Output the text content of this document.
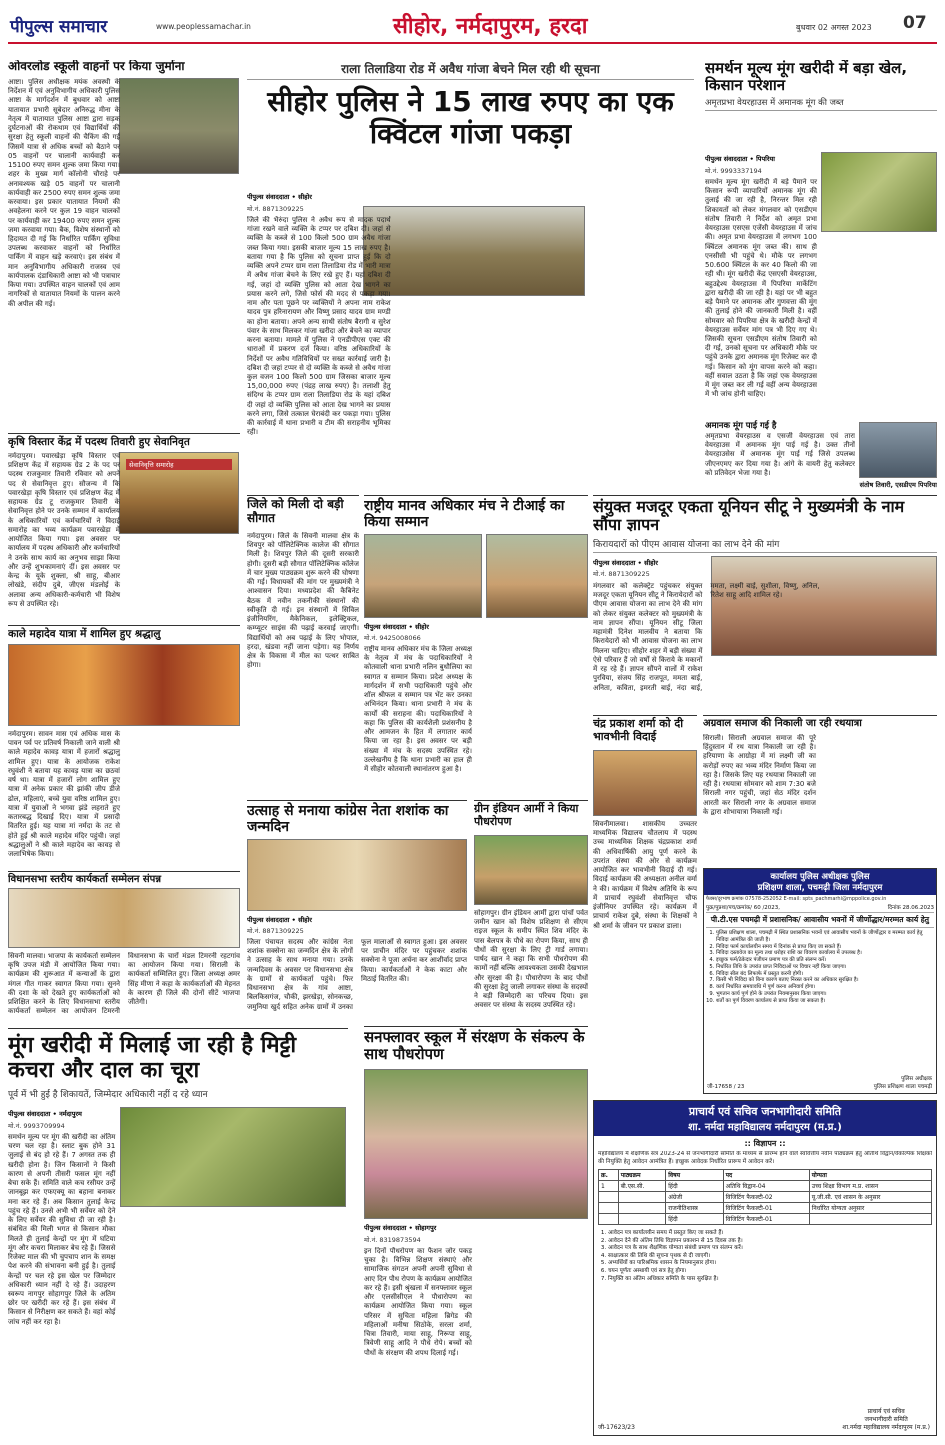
पीपुल्स समाचार	www.peoplessamachar.in	सीहोर, नर्मदापुरम, हरदा	बुधवार 02 अगस्त 2023 07
ओवरलोड स्कूली वाहनों पर किया जुर्माना
आष्टा। पुलिस अधीक्षक मयंक अवस्थी के निर्देशन में एवं अनुविभागीय अधिकारी पुलिस आष्टा के मार्गदर्शन में बुधवार को आष्टा यातायात प्रभारी सूबेदार अनिरुद्ध मीना के नेतृत्व में यातायात पुलिस आष्टा द्वारा सड़क दुर्घटनाओं की रोकथाम एवं विद्यार्थियों की सुरक्षा हेतु स्कूली वाहनों की चैकिंग की गई जिसमें यात्रा से अधिक बच्चों को बैठाने पर 05 वाहनों पर चालानी कार्यवाही कर 15100 रुपए समन शुल्क जमा किया गया। शहर के मुख्य मार्ग कॉलोनी चौराहे पर अनावश्यक खड़े 05 वाहनों पर चालानी कार्यवाही कर 2500 रुपए समन शुल्क जमा करवाया। इस प्रकार यातायात नियमों की अवहेलना करने पर कुल 19 वाहन चालकों पर कार्यवाही कर 19400 रुपए समन शुल्क जमा करवाया गया। बैक, विशेष संस्थानों को हिदायत दी गई कि निर्धारित पार्किंग सुविधा उपलब्ध करवाकर वाहनों को निर्धारित पार्किंग में वाहन खड़े करवाएं। इस संबंध में मान अनुविभागीय अधिकारी राजस्व एवं कार्यपालक दंडाधिकारी आष्टा को भी पत्राचार किया गया। उपस्थित वाहन चालकों एवं आम नागरिकों से यातायात नियमों के पालन करने की अपील की गई।
कृषि विस्तार केंद्र में पदस्थ तिवारी हुए सेवानिवृत
सेवानिवृत्ति समारोह
नर्मदापुरम। पवारखेड़ा कृषि विस्तार एवं प्रशिक्षण केंद्र में सहायक ग्रेड 2 के पद पर पदस्थ राजकुमार तिवारी रविवार को अपने पद से सेवानिवृत्त हुए। सौजन्य में कि पवारखेड़ा कृषि विस्तार एवं प्रशिक्षण केंद्र में सहायक ग्रेड टू राजकुमार तिवारी के सेवानिवृत्त होने पर उनके सम्मान में कार्यालय के अधिकारियों एवं कर्मचारियों ने विदाई समारोह का भव्य कार्यक्रम पवारखेड़ा में आयोजित किया गया। इस अवसर पर कार्यालय में पदस्थ अधिकारी और कर्मचारियों ने उनके साथ कार्य का अनुभव साझा किया और उन्हें शुभकामनाएं दीं। इस अवसर पर केन्द्र के यूके शुक्ला, श्री साहू, बीआर लोखंडे, संदीप दुबे, जीएस मंडलोई के अलावा अन्य अधिकारी-कर्मचारी भी विशेष रूप से उपस्थित रहे।
काले महादेव यात्रा में शामिल हुए श्रद्धालु
नर्मदापुरम। सावन मास एवं अधिक मास के पावन पर्व पर प्रतिवर्ष निकाली जाने वाली श्री काले महादेव कावड़ यात्रा में हजारों श्रद्धालु शामिल हुए। यात्रा के आयोजक राकेश रघुवंशी ने बताया यह कावड़ यात्रा का छठवां वर्ष था। यात्रा में हजारों लोग शामिल हुए यात्रा में अनेक प्रकार की झांकी जीप डीजे ढोल, महिलाएं, बच्चे युवा वरिष्ठ शामिल हुए। यात्रा में युवाओं ने भगवा झंडे लहराते हुए कतारबद्ध दिखाई दिए। यात्रा में प्रसादी वितरित हुई। यह यात्रा मां नर्मदा के तट से होते हुई श्री काले महादेव मंदिर पहुंची। जहां श्रद्धालुओं ने श्री काले महादेव का कावड़ से जलाभिषेक किया।
विधानसभा स्तरीय कार्यकर्ता सम्मेलन संपन्न
सिवनी मालवा। भाजपा के कार्यकर्ता सम्मेलन कृषि उपज मंडी में आयोजित किया गया। कार्यक्रम की शुरूआत में कन्याओं के द्वारा मंगल गीत गाकर स्वागत किया गया। सुनने की दशा के को देखते हुए कार्यकर्ताओं को प्रशिक्षित करने के लिए विधानसभा स्तरीय कार्यकर्ता सम्मेलन का आयोजन टिमरनी विधानसभा के चारों मंडल टिमरनी रहटगांव का आयोजन किया गया। सिराली के कार्यकर्ता सम्मिलित हुए। जिला अध्यक्ष अमर सिंह मीणा ने कहा के कार्यकर्ताओं की मेहनत के कारण ही जिले की दोनों सीटें भाजपा जीतेगी।
मूंग खरीदी में मिलाई जा रही है मिट्टी कचरा और दाल का चूरा
पूर्व में भी हुई है शिकायतें, जिम्मेदार अधिकारी नहीं द रहे ध्यान
पीपुल्स संवाददाता • नर्मदापुरम
मो.नं. 9993709994
समर्थन मूल्य पर मूंग की खरीदी का अंतिम चरण चल रहा है। स्लाट बुक होने 31 जुलाई से बंद हो रहे हैं। 7 अगस्त तक ही खरीदी होना है। जिन किसानों ने किसी कारण से अपनी तीसरी फसल मूंग नहीं बेचा सके हैं। समिति वाले कच रसीयर उन्हें जानबूझ कर एफएक्यू का बहाना बनाकर मना कर रहे हैं। अब किसान तुलाई केन्द्र पहुंच रहे हैं। उनसे अभी भी सर्वेयर को देने के लिए सर्वेयर की सुविधा दी जा रही है। संबंधित की मिली भगत से किसान मौका मिलते ही तुलाई केन्द्रों पर मूंग में घटिया मूंग और कचरा मिलाकर बेच रहे हैं। जिससे रिजेक्ट माल की भी चुपचाप शान के समक्ष पेश करने की संभावना बनी हुई है। तुलाई केन्द्रों पर चल रहे इस खेल पर जिम्मेदार अधिकारी ध्यान नहीं दे रहे हैं। उदाहरण स्वरूप नागपुर सोहागपुर जिले के अतिम छोर पर खरीदी कर रहे हैं। इस संबंध में किसान से निरीक्षण कर सकते हैं। वहां कोई जांच नहीं कर रहा है।
राला तिलाडिया रोड में अवैध गांजा बेचने मिल रही थी सूचना
सीहोर पुलिस ने 15 लाख रुपए का एक क्विंटल गांजा पकड़ा
पीपुल्स संवाददाता • सीहोर
मो.नं. 8871309225
जिले की भैरुंदा पुलिस ने अवैध रूप से मादक पदार्थ गांजा रखने वाले व्यक्ति के टप्पर पर दबिश दी। जहां से व्यक्ति के कब्जे से 100 किलो 500 ग्राम अवैध गांजा जब्त किया गया। इसकी बाजार मूल्य 15 लाख रुपए है। बताया गया है कि पुलिस को सूचना प्राप्त हुई कि दो व्यक्ति अपने टप्पर ग्राम राला तिलाडिया रोड में भारी मात्रा में अवैध गांजा बेचने के लिए रखे हुए हैं। यहां दबिश दी गई, जहां दो व्यक्ति पुलिस को आता देख भागने का प्रयास करने लगे, जिसे फोर्स की मदद से पकड़ा गया। नाम और पता पूछने पर व्यक्तियों ने अपना नाम राकेश यादव पुत्र हरिनारायण और विष्णु प्रसाद यादव ग्राम मण्डी का होना बताया। अपने अन्य साथी संतोष बैरागी व सुरेश पंवार के साथ मिलकर गांजा खरीदा और बेचने का व्यापार करना बताया। मामले में पुलिस ने एनडीपीएस एक्ट की धाराओं में प्रकरण दर्ज किया। वरिष्ठ अधिकारियों के निर्देशों पर अवैध गतिविधियों पर सख्त कार्रवाई जारी है। दबिश दी जहां टप्पर से दो व्यक्ति के कब्जे से अवैध गांजा कुल वजन 100 किलो 500 ग्राम जिसका बाजार मूल्य 15,00,000 रुपए (पंद्रह लाख रुपए) है। तलाशी हेतु संदिग्ध के टप्पर ग्राम राला तिलाडिया रोड के यहां दबिश दी जहां दो व्यक्ति पुलिस को आता देख भागने का प्रयास करने लगा, जिसे तत्काल घेराबंदी कर पकड़ा गया। पुलिस की कार्रवाई में थाना प्रभारी व टीम की सराहनीय भूमिका रही।
समर्थन मूल्य मूंग खरीदी में बड़ा खेल, किसान परेशान
अमृतप्रभा वेयरहाउस में अमानक मूंग की जब्त
पीपुल्स संवाददाता • पिपरिया
मो.नं. 9993337194
समर्थन मूल्य मूंग खरीदी में बड़े पैमाने पर किसान रूपी व्यापारियों अमानक मूंग की तुलाई की जा रही है, निरन्तर मिल रही शिकायतों को लेकर मंगलवार को एसडीएम संतोष तिवारी ने निर्देश को अमृत प्रभा वेयरहाउस एसएस एजेंसी वेयरहाउस में जांच की। अमृत प्रभा वेयरहाउस में लगभग 100 क्विंटल अमानक मूंग जब्त की। साथ ही एनसीसी भी पहुंचे थे। मौके पर लगभग 50.600 क्विंटल के कर 40 किलो की जा रही थी। मूंग खरीदी केंद्र एसएसी वेयरहाउस, बहुउद्देश्य वेयरहाउस में पिपरिया मार्केटिंग द्वारा खरीदी की जा रही है। यहां पर भी बहुत बड़े पैमाने पर अमानक और गुणवत्ता की मूंग की तुलाई होने की जानकारी मिली है। वहीं सोमवार को पिपरिया क्षेत्र के खरीदी केन्द्रों में वेयरहाउस सर्वेयर मांग पत्र भी दिए गए थे। जिसकी सूचना एसडीएम संतोष तिवारी को दी गई, उनको सूचना पर अधिकारी मौके पर पहुंचे उनके द्वारा अमानक मूंग रिजेक्ट कर दी गई। किसान को मूंग वापस करने को कहा। वहीं सवाल उठता है कि जहां एक वेयरहाउस में मूंग जब्त कर ली गई वहीं अन्य वेयरहाउस में भी जांच होनी चाहिए।
अमानक मूंग पाई गई है
अमृतप्रभा वेयरहाउस व एसजी वेयरहाउस एवं तारा वेयरहाउस में अमानक मूंग पाई गई है। उक्त तीनों वेयरहाउसेस में अमानक मूंग पाई गई जिसे उपलब्ध जीएनएमए कर दिया गया है। आंगे के वायरी हेतु कलेक्टर को प्रतिवेदन भेजा गया है।
संतोष तिवारी, एसडीएम पिपरिया
जिले को मिली दो बड़ी सौगात
नर्मदापुरम। जिले के सिवनी मालवा क्षेत्र के शिवपुर को पॉलिटेक्निक कालेज की सौगात मिली है। शिवपुर जिले की दूसरी सरकारी होगी। दूसरी बड़ी सौगात पॉलिटेक्निक कॉलेज में चार मुख्य पाठ्यक्रम शुरू करने की घोषणा की गई। विधायकों की मांग पर मुख्यमंत्री ने आश्वासन दिया। मध्यप्रदेश की कैबिनेट बैठक में नवीन तकनीकी संस्थानों की स्वीकृति दी गई। इन संस्थानों में सिविल इंजीनियरिंग, मैकेनिकल, इलेक्ट्रिकल, कम्प्यूटर साइंस की पढ़ाई करवाई जाएगी। विद्यार्थियों को अब पढ़ाई के लिए भोपाल, हरदा, खंडवा नहीं जाना पड़ेगा। यह निर्णय क्षेत्र के विकास में मील का पत्थर साबित होगा।
राष्ट्रीय मानव अधिकार मंच ने टीआई का किया सम्मान
पीपुल्स संवाददाता • सीहोर
मो.नं. 9425008066
राष्ट्रीय मानव अधिकार मंच के जिला अध्यक्ष के नेतृत्व में मंच के पदाधिकारियों ने कोतवाली थाना प्रभारी नलिन बुधौलिया का स्वागत व सम्मान किया। प्रदेश अध्यक्ष के मार्गदर्शन में सभी पदाधिकारी पहुंचे और शॉल श्रीफल व सम्मान पत्र भेंट कर उनका अभिनंदन किया। थाना प्रभारी ने मंच के कार्यों की सराहना की। पदाधिकारियों ने कहा कि पुलिस की कार्यशैली प्रशंसनीय है और आमजन के हित में लगातार कार्य किया जा रहा है। इस अवसर पर बड़ी संख्या में मंच के सदस्य उपस्थित रहे। उल्लेखनीय है कि थाना प्रभारी का हाल ही में सीहोर कोतवाली स्थानांतरण हुआ है।
संयुक्त मजदूर एकता यूनियन सीटू ने मुख्यमंत्री के नाम सौंपा ज्ञापन
किरायदारों को पीएम आवास योजना का लाभ देने की मांग
पीपुल्स संवाददाता • सीहोर
मो.नं. 8871309225
मंगलवार को कलेक्ट्रेट पहुंचकर संयुक्त मजदूर एकता यूनियन सीटू ने किरायेदारों को पीएम आवास योजना का लाभ देने की मांग को लेकर संयुक्त कलेक्टर को मुख्यमंत्री के नाम ज्ञापन सौंपा। यूनियन सीटू जिला महामंत्री दिनेश मालवीय ने बताया कि किरायेदारों को भी आवास योजना का लाभ मिलना चाहिए। सीहोर शहर में बड़ी संख्या में ऐसे परिवार हैं जो वर्षों से किराये के मकानों में रह रहे हैं। ज्ञापन सौंपने वालों में राकेश पुरविया, संजय सिंह राजपूत, ममता बाई, अनिता, कविता, इमरती बाई, नंदा बाई, ममता, लक्ष्मी बाई, सुशीला, विष्णु, अनिल, रितेश साहू आदि शामिल रहे।
उत्साह से मनाया कांग्रेस नेता शशांक का जन्मदिन
पीपुल्स संवाददाता • सीहोर
मो.नं. 8871309225
जिला पंचायत सदस्य और कांग्रेस नेता शशांक सक्सेना का जन्मदिन क्षेत्र के लोगों ने उत्साह के साथ मनाया गया। उनके जन्मदिवस के अवसर पर विधानसभा क्षेत्र के ग्रामों से कार्यकर्ता पहुंचे। फिर विधानसभा क्षेत्र के गांव आष्टा, बिलकिसगंज, चौकी, झरखेड़ा, सोनकच्छ, जमुनिया खुर्द सहित अनेक ग्रामों में उनका फूल मालाओं से स्वागत हुआ। इस अवसर पर प्राचीन मंदिर पर पहुंचकर शशांक सक्सेना ने पूजा अर्चना कर आशीर्वाद प्राप्त किया। कार्यकर्ताओं ने केक काटा और मिठाई वितरित की।
ग्रीन इंडियन आर्मी ने किया पौधरोपण
सोहागपुर। ग्रीन इंडियन आर्मी द्वारा पांचों पर्वत जमीन खान को विशेष प्रशिक्षण से सीएम राइज स्कूल के समीप स्थित शिव मंदिर के पास बेलपत्र के पौधे का रोपण किया, साथ ही पौधों की सुरक्षा के लिए ट्री गार्ड लगाया। पार्षद खान ने कहा कि सभी पौधरोपण की कामों नहीं बल्कि आवश्यकता उसकी देखभाल और सुरक्षा की है। पौधारोपण के बाद पौधों की सुरक्षा हेतु जाली लगाकर संस्था के सदस्यों ने बड़ी जिम्मेदारी का परिचय दिया। इस अवसर पर संस्था के सदस्य उपस्थित रहे।
चंद्र प्रकाश शर्मा को दी भावभीनी विदाई
सिवनीमालवा। शासकीय उच्चतर माध्यमिक विद्यालय चौतलाय में पदस्थ उच्च माध्यमिक शिक्षक चंद्रप्रकाश शर्मा की अधिवार्षिकी आयु पूर्ण करने के उपरांत संस्था की ओर से कार्यक्रम आयोजित कर भावभीनी विदाई दी गई। विदाई कार्यक्रम की अध्यक्षता अनील वर्मा ने की। कार्यक्रम में विशेष अतिथि के रूप में प्राचार्य रघुवंशी सेवानिवृत्त चौफ इंजीनियर उपस्थित रहे। कार्यक्रम में प्राचार्य राकेश दुबे, संस्था के शिक्षकों ने श्री शर्मा के जीवन पर प्रकाश डाला।
अग्रवाल समाज की निकाली जा रही रथयात्रा
सिराली। सिराली अग्रवाल समाज की पूरे हिंदुस्तान में रथ यात्रा निकाली जा रही है। हरियाणा के आग्रोहा में मां लक्ष्मी जी का करोड़ों रुपए का भव्य मंदिर निर्माण किया जा रहा है। जिसके लिए यह रथयात्रा निकाली जा रही है। रथयात्रा सोमवार को शाम 7:30 बजे सिराली नगर पहुंची, जहां सेठ मंदिर दर्शन आरती कर सिराली नगर के अग्रवाल समाज के द्वारा शोभायात्रा निकाली गई।
कार्यालय पुलिस अधीक्षक पुलिस
प्रशिक्षण शाला, पचमढ़ी जिला नर्मदापुरम
फैक्स/दूरभाष क्रमांक 07578-252052 E-mail: spts_pachmarhi@mppolice.gov.in
पुक्र/पुप्रशा/पच/क्रमांक/ 60 /2023,	दिनांक 28.06.2023
पी.टी.एस पचमढ़ी में प्रशासनिक/ आवासीय भवनों में जीर्णोद्धार/मरम्मत कार्य हेतु
1. पुलिस प्रशिक्षण शाला, पचमढ़ी में स्थित प्रशासनिक भवनों एवं आवासीय भवनों के जीर्णोद्धार व मरम्मत कार्य हेतु निविदा आमंत्रित की जाती है।
2. निविदा फार्म कार्यालयीन समय में दिनांक से प्राप्त किए जा सकते हैं।
3. निविदा दस्तावेज का मूल्य तथा धरोहर राशि का विवरण कार्यालय में उपलब्ध है।
4. इच्छुक फर्म/ठेकेदार पंजीयन प्रमाण पत्र की प्रति संलग्न करें।
5. निर्धारित तिथि के उपरांत प्राप्त निविदाओं पर विचार नहीं किया जाएगा।
6. निविदा सील बंद लिफाफे में प्रस्तुत करनी होगी।
7. किसी भी निविदा को बिना कारण बताए निरस्त करने का अधिकार सुरक्षित है।
8. कार्य निर्धारित समयावधि में पूर्ण करना अनिवार्य होगा।
9. भुगतान कार्य पूर्ण होने के उपरांत नियमानुसार किया जाएगा।
10. शर्तों का पूर्ण विवरण कार्यालय से प्राप्त किया जा सकता है।
जी-17658 / 23
पुलिस अधीक्षक
पुलिस प्रशिक्षण शाला पचमढ़ी
सनफ्लावर स्कूल में संरक्षण के संकल्प के साथ पौधरोपण
पीपुल्स संवाददाता • सोहागपुर
मो.नं. 8319873594
इन दिनों पौधरोपण का फैशन जोर पकड़ चुका है। विभिन्न शिक्षण संस्थाएं और सामाजिक संगठन अपनी अपनी सुविधा से आए दिन पौध रोपण के कार्यक्रम आयोजित कर रहे हैं। इसी श्रृंखला में सनफ्लावर स्कूल और एलसीसीएल ने पौधारोपण का कार्यक्रम आयोजित किया गया। स्कूल परिसर में सुचिता महिला ब्रिगेड की महिलाओं मनीषा सिठोके, सरला शर्मा, चित्रा तिवारी, माया साहू, निरूपा साहू, त्रिवेणी साहू आदि ने पौधे रोपे। बच्चों को पौधों के संरक्षण की शपथ दिलाई गई।
प्राचार्य एवं सचिव जनभागीदारी समिति
शा. नर्मदा महाविद्यालय नर्मदापुरम (म.प्र.)
:: विज्ञापन ::
महाविद्यालय में शैक्षणिक सत्र 2023-24 से जनभागीदारी समिति के माध्यम से प्रारम्भ होने वाले स्ववित्तीय नवीन पाठ्यक्रम हेतु अतिथि विद्वान/वैकल्पिक शिक्षकों की नियुक्ति हेतु आवेदन आमंत्रित हैं। इच्छुक आवेदक निर्धारित प्रारूप में आवेदन करें।
क्र.	पाठ्यक्रम	विषय	पद	योग्यता
1	बी.एस.सी.	हिंदी	अतिथि विद्वान-04	उच्च शिक्षा विभाग म.प्र. शासन
		अंग्रेजी	विजिटिंग फैकल्टी-02	यू.जी.सी. एवं शासन के अनुसार
		राजनीतिशास्त्र	विजिटिंग फैकल्टी-01	निर्धारित योग्यता अनुसार
		हिंदी	विजिटिंग फैकल्टी-01	
1. आवेदन पत्र कार्यालयीन समय में प्रस्तुत किए जा सकते हैं।
2. आवेदन देने की अंतिम तिथि विज्ञापन प्रकाशन से 15 दिवस तक है।
3. आवेदन पत्र के साथ शैक्षणिक योग्यता संबंधी प्रमाण पत्र संलग्न करें।
4. साक्षात्कार की तिथि की सूचना पृथक से दी जाएगी।
5. अभ्यर्थियों का पारिश्रमिक शासन के नियमानुसार होगा।
6. चयन पूर्णतः अस्थायी एवं सत्र हेतु होगा।
7. नियुक्ति का अंतिम अधिकार समिति के पास सुरक्षित है।
जी-17623/23
प्राचार्य एवं सचिव
जनभागीदारी समिति
शा.नर्मदा महाविद्यालय नर्मदापुरम (म.प्र.)
